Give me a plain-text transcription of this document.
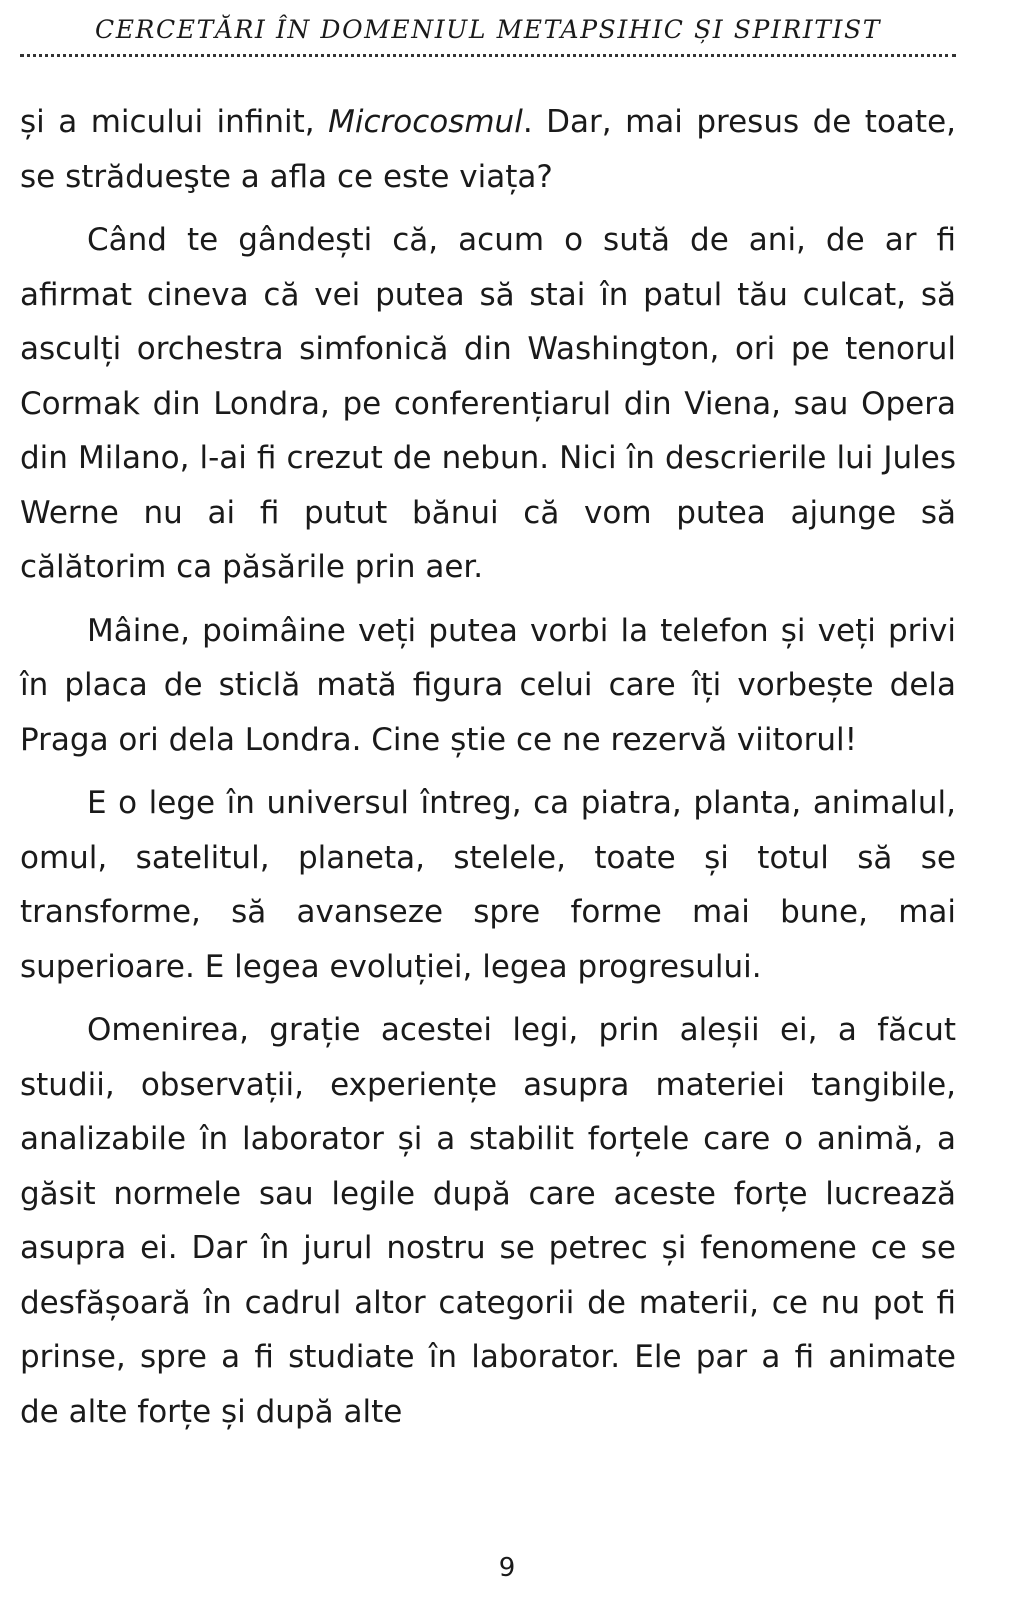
CERCETĂRI ÎN DOMENIUL METAPSIHIC ȘI SPIRITIST

și a micului infinit, Microcosmul. Dar, mai presus de toate, se strădueşte a afla ce este viața?

Când te gândești că, acum o sută de ani, de ar fi afirmat cineva că vei putea să stai în patul tău culcat, să asculți orchestra simfonică din Washington, ori pe tenorul Cormak din Londra, pe conferențiarul din Viena, sau Opera din Milano, l-ai fi crezut de nebun. Nici în descrierile lui Jules Werne nu ai fi putut bănui că vom putea ajunge să călătorim ca păsările prin aer.

Mâine, poimâine veți putea vorbi la telefon și veți privi în placa de sticlă mată figura celui care îți vorbește dela Praga ori dela Londra. Cine știe ce ne rezervă viitorul!

E o lege în universul întreg, ca piatra, planta, animalul, omul, satelitul, planeta, stelele, toate și totul să se transforme, să avanseze spre forme mai bune, mai superioare. E legea evoluției, legea progresului.

Omenirea, grație acestei legi, prin aleșii ei, a făcut studii, observații, experiențe asupra materiei tangibile, analizabile în laborator și a stabilit forțele care o animă, a găsit normele sau legile după care aceste forțe lucrează asupra ei. Dar în jurul nostru se petrec și fenomene ce se desfășoară în cadrul altor categorii de materii, ce nu pot fi prinse, spre a fi studiate în laborator. Ele par a fi animate de alte forțe și după alte

9
